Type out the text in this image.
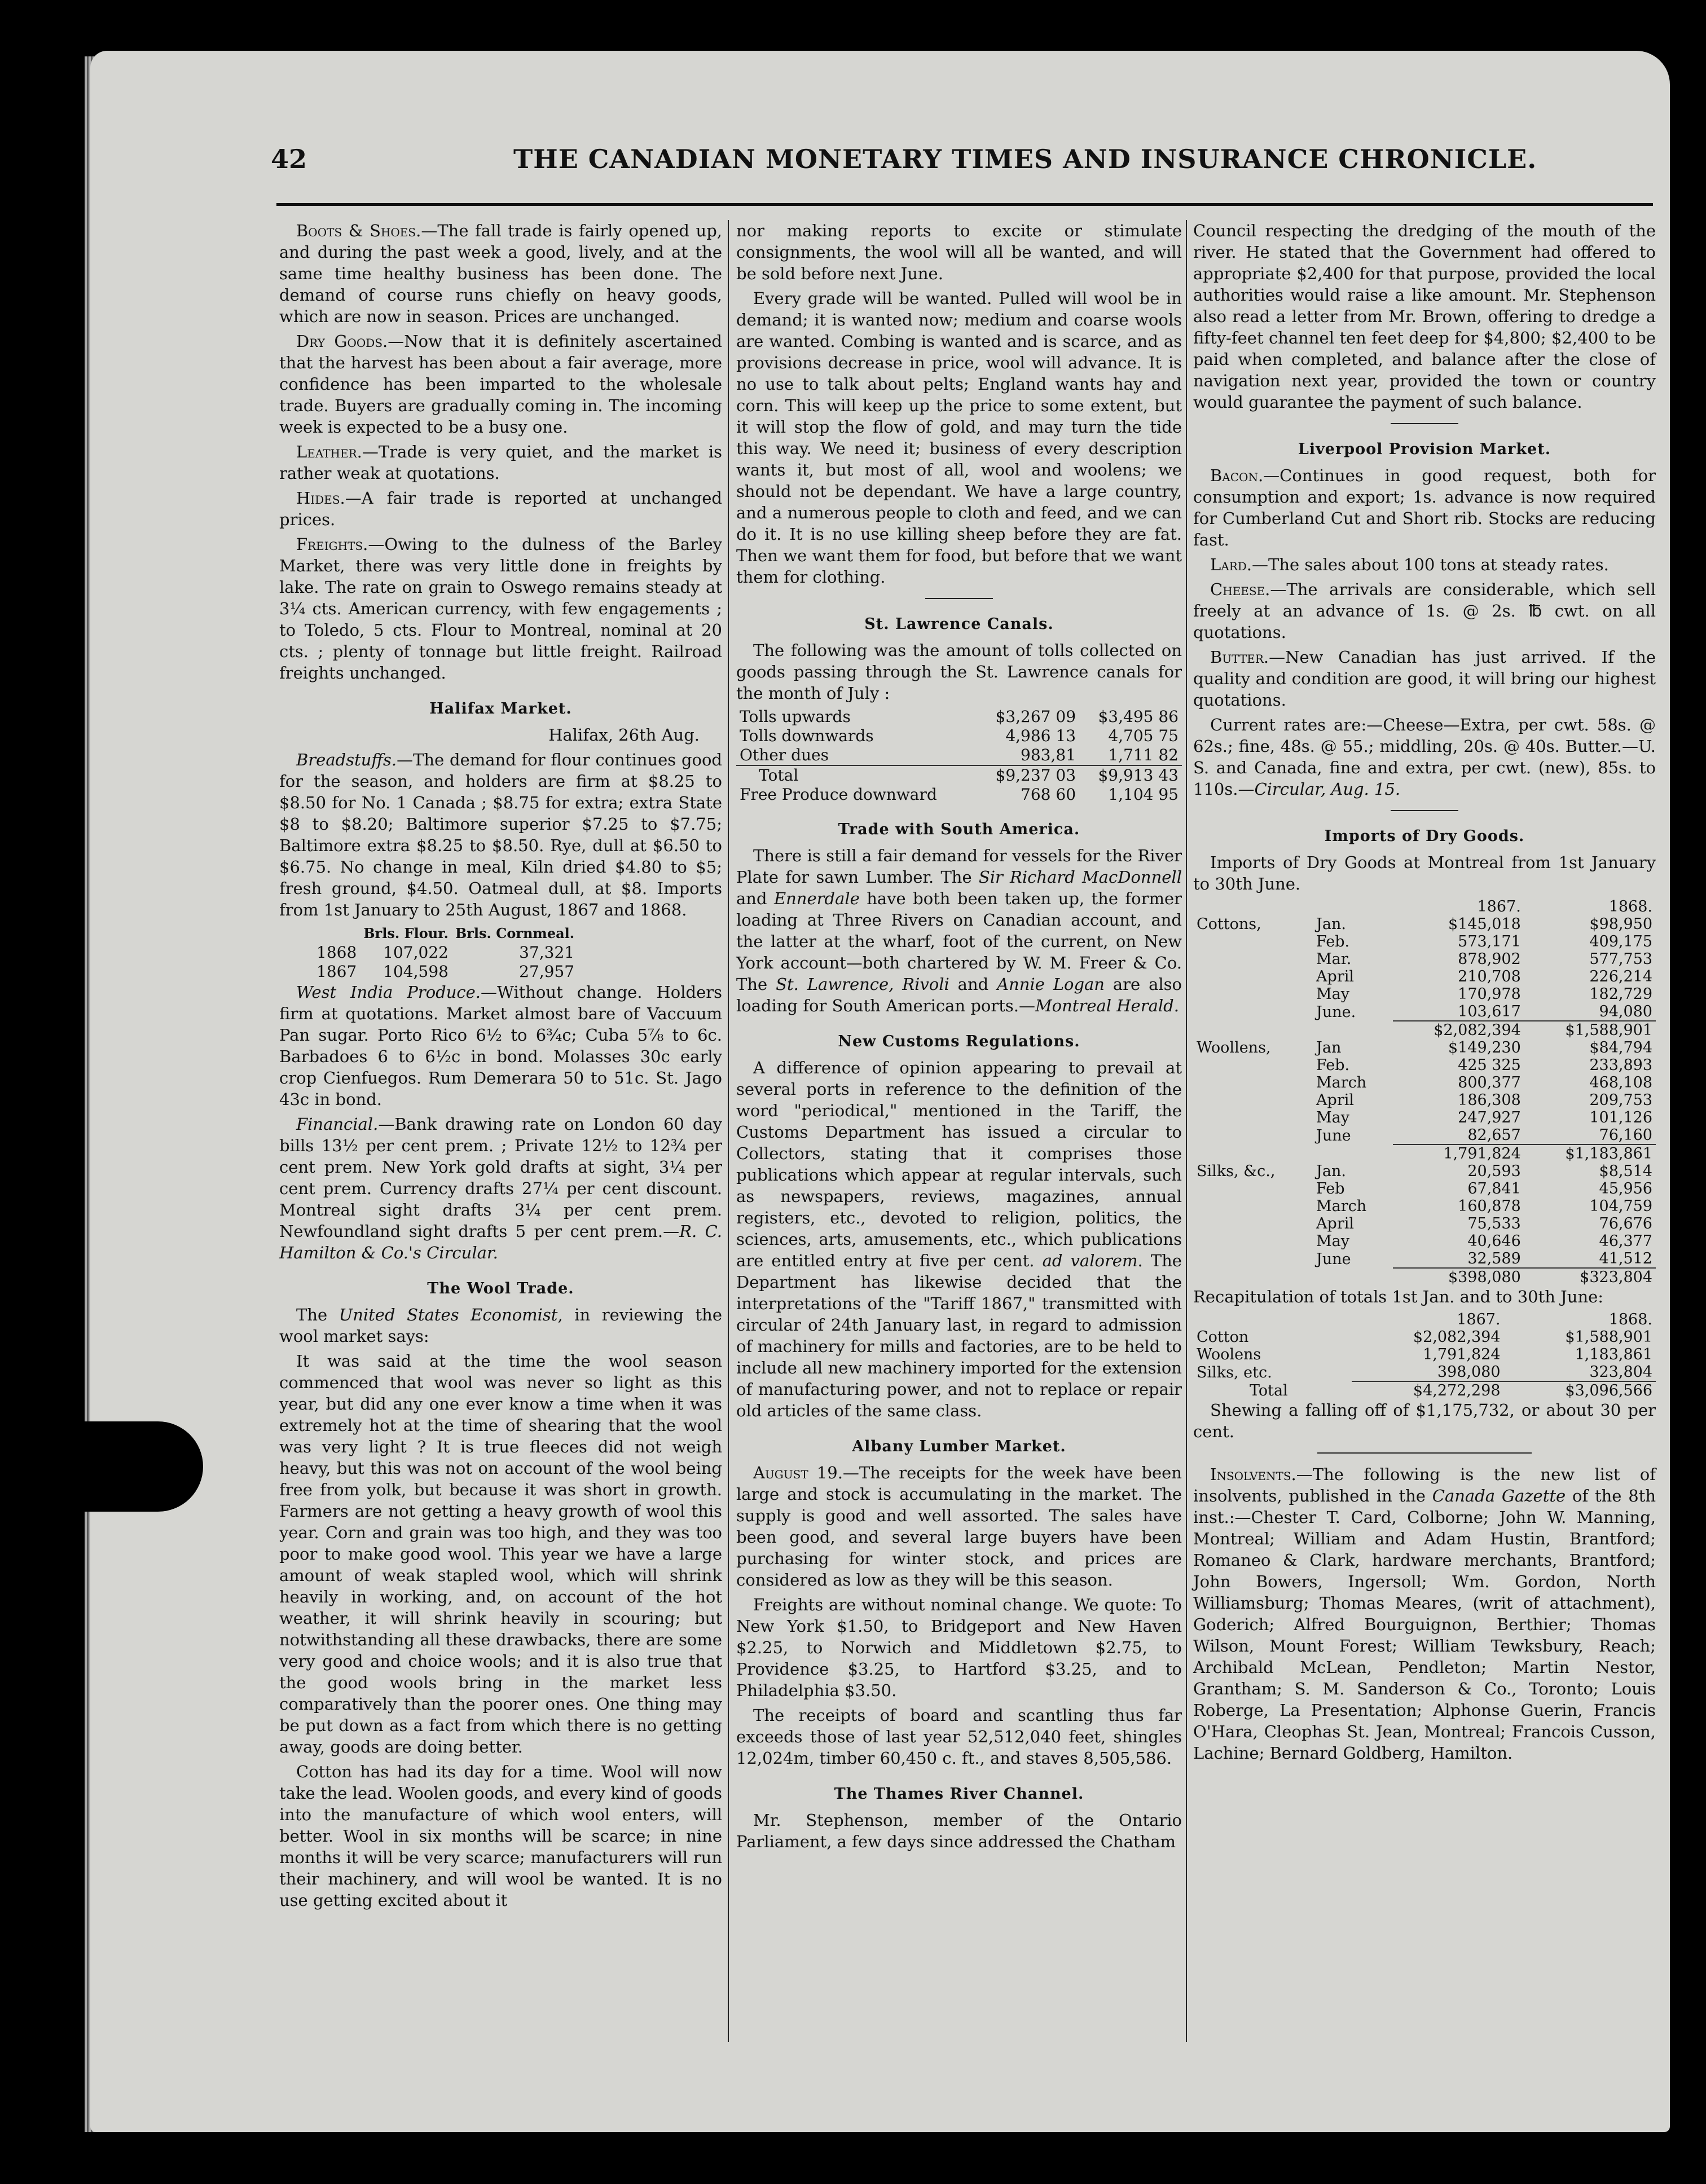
42	THE CANADIAN MONETARY TIMES AND INSURANCE CHRONICLE.

Boots & Shoes.—The fall trade is fairly opened up, and during the past week a good, lively, and at the same time healthy business has been done. The demand of course runs chiefly on heavy goods, which are now in season. Prices are unchanged.

Dry Goods.—Now that it is definitely ascertained that the harvest has been about a fair average, more confidence has been imparted to the wholesale trade. Buyers are gradually coming in. The incoming week is expected to be a busy one.

Leather.—Trade is very quiet, and the market is rather weak at quotations.

Hides.—A fair trade is reported at unchanged prices.

Freights.—Owing to the dulness of the Barley Market, there was very little done in freights by lake. The rate on grain to Oswego remains steady at 3¼ cts. American currency, with few engagements ; to Toledo, 5 cts. Flour to Montreal, nominal at 20 cts. ; plenty of tonnage but little freight. Railroad freights unchanged.

Halifax Market.

Halifax, 26th Aug.

Breadstuffs.—The demand for flour continues good for the season, and holders are firm at $8.25 to $8.50 for No. 1 Canada ; $8.75 for extra; extra State $8 to $8.20; Baltimore superior $7.25 to $7.75; Baltimore extra $8.25 to $8.50. Rye, dull at $6.50 to $6.75. No change in meal, Kiln dried $4.80 to $5; fresh ground, $4.50. Oatmeal dull, at $8. Imports from 1st January to 25th August, 1867 and 1868.

	Brls. Flour.	Brls. Cornmeal.
1868	107,022	37,321
1867	104,598	27,957

West India Produce.—Without change. Holders firm at quotations. Market almost bare of Vaccuum Pan sugar. Porto Rico 6½ to 6¾c; Cuba 5⅞ to 6c. Barbadoes 6 to 6½c in bond. Molasses 30c early crop Cienfuegos. Rum Demerara 50 to 51c. St. Jago 43c in bond.

Financial.—Bank drawing rate on London 60 day bills 13½ per cent prem. ; Private 12½ to 12¾ per cent prem. New York gold drafts at sight, 3¼ per cent prem. Currency drafts 27¼ per cent discount. Montreal sight drafts 3¼ per cent prem. Newfoundland sight drafts 5 per cent prem.—R. C. Hamilton & Co.'s Circular.

The Wool Trade.

The United States Economist, in reviewing the wool market says:

It was said at the time the wool season commenced that wool was never so light as this year, but did any one ever know a time when it was extremely hot at the time of shearing that the wool was very light ? It is true fleeces did not weigh heavy, but this was not on account of the wool being free from yolk, but because it was short in growth. Farmers are not getting a heavy growth of wool this year. Corn and grain was too high, and they was too poor to make good wool. This year we have a large amount of weak stapled wool, which will shrink heavily in working, and, on account of the hot weather, it will shrink heavily in scouring; but notwithstanding all these drawbacks, there are some very good and choice wools; and it is also true that the good wools bring in the market less comparatively than the poorer ones. One thing may be put down as a fact from which there is no getting away, goods are doing better.

Cotton has had its day for a time. Wool will now take the lead. Woolen goods, and every kind of goods into the manufacture of which wool enters, will better. Wool in six months will be scarce; in nine months it will be very scarce; manufacturers will run their machinery, and will wool be wanted. It is no use getting excited about it

nor making reports to excite or stimulate consignments, the wool will all be wanted, and will be sold before next June.

Every grade will be wanted. Pulled will wool be in demand; it is wanted now; medium and coarse wools are wanted. Combing is wanted and is scarce, and as provisions decrease in price, wool will advance. It is no use to talk about pelts; England wants hay and corn. This will keep up the price to some extent, but it will stop the flow of gold, and may turn the tide this way. We need it; business of every description wants it, but most of all, wool and woolens; we should not be dependant. We have a large country, and a numerous people to cloth and feed, and we can do it. It is no use killing sheep before they are fat. Then we want them for food, but before that we want them for clothing.

St. Lawrence Canals.

The following was the amount of tolls collected on goods passing through the St. Lawrence canals for the month of July :

Tolls upwards	$3,267 09	$3,495 86
Tolls downwards	4,986 13	4,705 75
Other dues	983,81	1,711 82
Total	$9,237 03	$9,913 43
Free Produce downward	768 60	1,104 95

Trade with South America.

There is still a fair demand for vessels for the River Plate for sawn Lumber. The Sir Richard MacDonnell and Ennerdale have both been taken up, the former loading at Three Rivers on Canadian account, and the latter at the wharf, foot of the current, on New York account—both chartered by W. M. Freer & Co. The St. Lawrence, Rivoli and Annie Logan are also loading for South American ports.—Montreal Herald.

New Customs Regulations.

A difference of opinion appearing to prevail at several ports in reference to the definition of the word "periodical," mentioned in the Tariff, the Customs Department has issued a circular to Collectors, stating that it comprises those publications which appear at regular intervals, such as newspapers, reviews, magazines, annual registers, etc., devoted to religion, politics, the sciences, arts, amusements, etc., which publications are entitled entry at five per cent. ad valorem. The Department has likewise decided that the interpretations of the "Tariff 1867," transmitted with circular of 24th January last, in regard to admission of machinery for mills and factories, are to be held to include all new machinery imported for the extension of manufacturing power, and not to replace or repair old articles of the same class.

Albany Lumber Market.

August 19.—The receipts for the week have been large and stock is accumulating in the market. The supply is good and well assorted. The sales have been good, and several large buyers have been purchasing for winter stock, and prices are considered as low as they will be this season.

Freights are without nominal change. We quote: To New York $1.50, to Bridgeport and New Haven $2.25, to Norwich and Middletown $2.75, to Providence $3.25, to Hartford $3.25, and to Philadelphia $3.50.

The receipts of board and scantling thus far exceeds those of last year 52,512,040 feet, shingles 12,024m, timber 60,450 c. ft., and staves 8,505,586.

The Thames River Channel.

Mr. Stephenson, member of the Ontario Parliament, a few days since addressed the Chatham

Council respecting the dredging of the mouth of the river. He stated that the Government had offered to appropriate $2,400 for that purpose, provided the local authorities would raise a like amount. Mr. Stephenson also read a letter from Mr. Brown, offering to dredge a fifty-feet channel ten feet deep for $4,800; $2,400 to be paid when completed, and balance after the close of navigation next year, provided the town or country would guarantee the payment of such balance.

Liverpool Provision Market.

Bacon.—Continues in good request, both for consumption and export; 1s. advance is now required for Cumberland Cut and Short rib. Stocks are reducing fast.

Lard.—The sales about 100 tons at steady rates.

Cheese.—The arrivals are considerable, which sell freely at an advance of 1s. @ 2s. ℔ cwt. on all quotations.

Butter.—New Canadian has just arrived. If the quality and condition are good, it will bring our highest quotations.

Current rates are:—Cheese—Extra, per cwt. 58s. @ 62s.; fine, 48s. @ 55.; middling, 20s. @ 40s. Butter.—U. S. and Canada, fine and extra, per cwt. (new), 85s. to 110s.—Circular, Aug. 15.

Imports of Dry Goods.

Imports of Dry Goods at Montreal from 1st January to 30th June.

		1867.	1868.
Cottons,	Jan.	$145,018	$98,950
	Feb.	573,171	409,175
	Mar.	878,902	577,753
	April	210,708	226,214
	May	170,978	182,729
	June.	103,617	94,080
		$2,082,394	$1,588,901
Woollens,	Jan	$149,230	$84,794
	Feb.	425 325	233,893
	March	800,377	468,108
	April	186,308	209,753
	May	247,927	101,126
	June	82,657	76,160
		1,791,824	$1,183,861
Silks, &c.,	Jan.	20,593	$8,514
	Feb	67,841	45,956
	March	160,878	104,759
	April	75,533	76,676
	May	40,646	46,377
	June	32,589	41,512
		$398,080	$323,804

Recapitulation of totals 1st Jan. and to 30th June:

	1867.	1868.
Cotton	$2,082,394	$1,588,901
Woolens	1,791,824	1,183,861
Silks, etc.	398,080	323,804
Total	$4,272,298	$3,096,566

Shewing a falling off of $1,175,732, or about 30 per cent.

Insolvents.—The following is the new list of insolvents, published in the Canada Gazette of the 8th inst.:—Chester T. Card, Colborne; John W. Manning, Montreal; William and Adam Hustin, Brantford; Romaneo & Clark, hardware merchants, Brantford; John Bowers, Ingersoll; Wm. Gordon, North Williamsburg; Thomas Meares, (writ of attachment), Goderich; Alfred Bourguignon, Berthier; Thomas Wilson, Mount Forest; William Tewksbury, Reach; Archibald McLean, Pendleton; Martin Nestor, Grantham; S. M. Sanderson & Co., Toronto; Louis Roberge, La Presentation; Alphonse Guerin, Francis O'Hara, Cleophas St. Jean, Montreal; Francois Cusson, Lachine; Bernard Goldberg, Hamilton.
